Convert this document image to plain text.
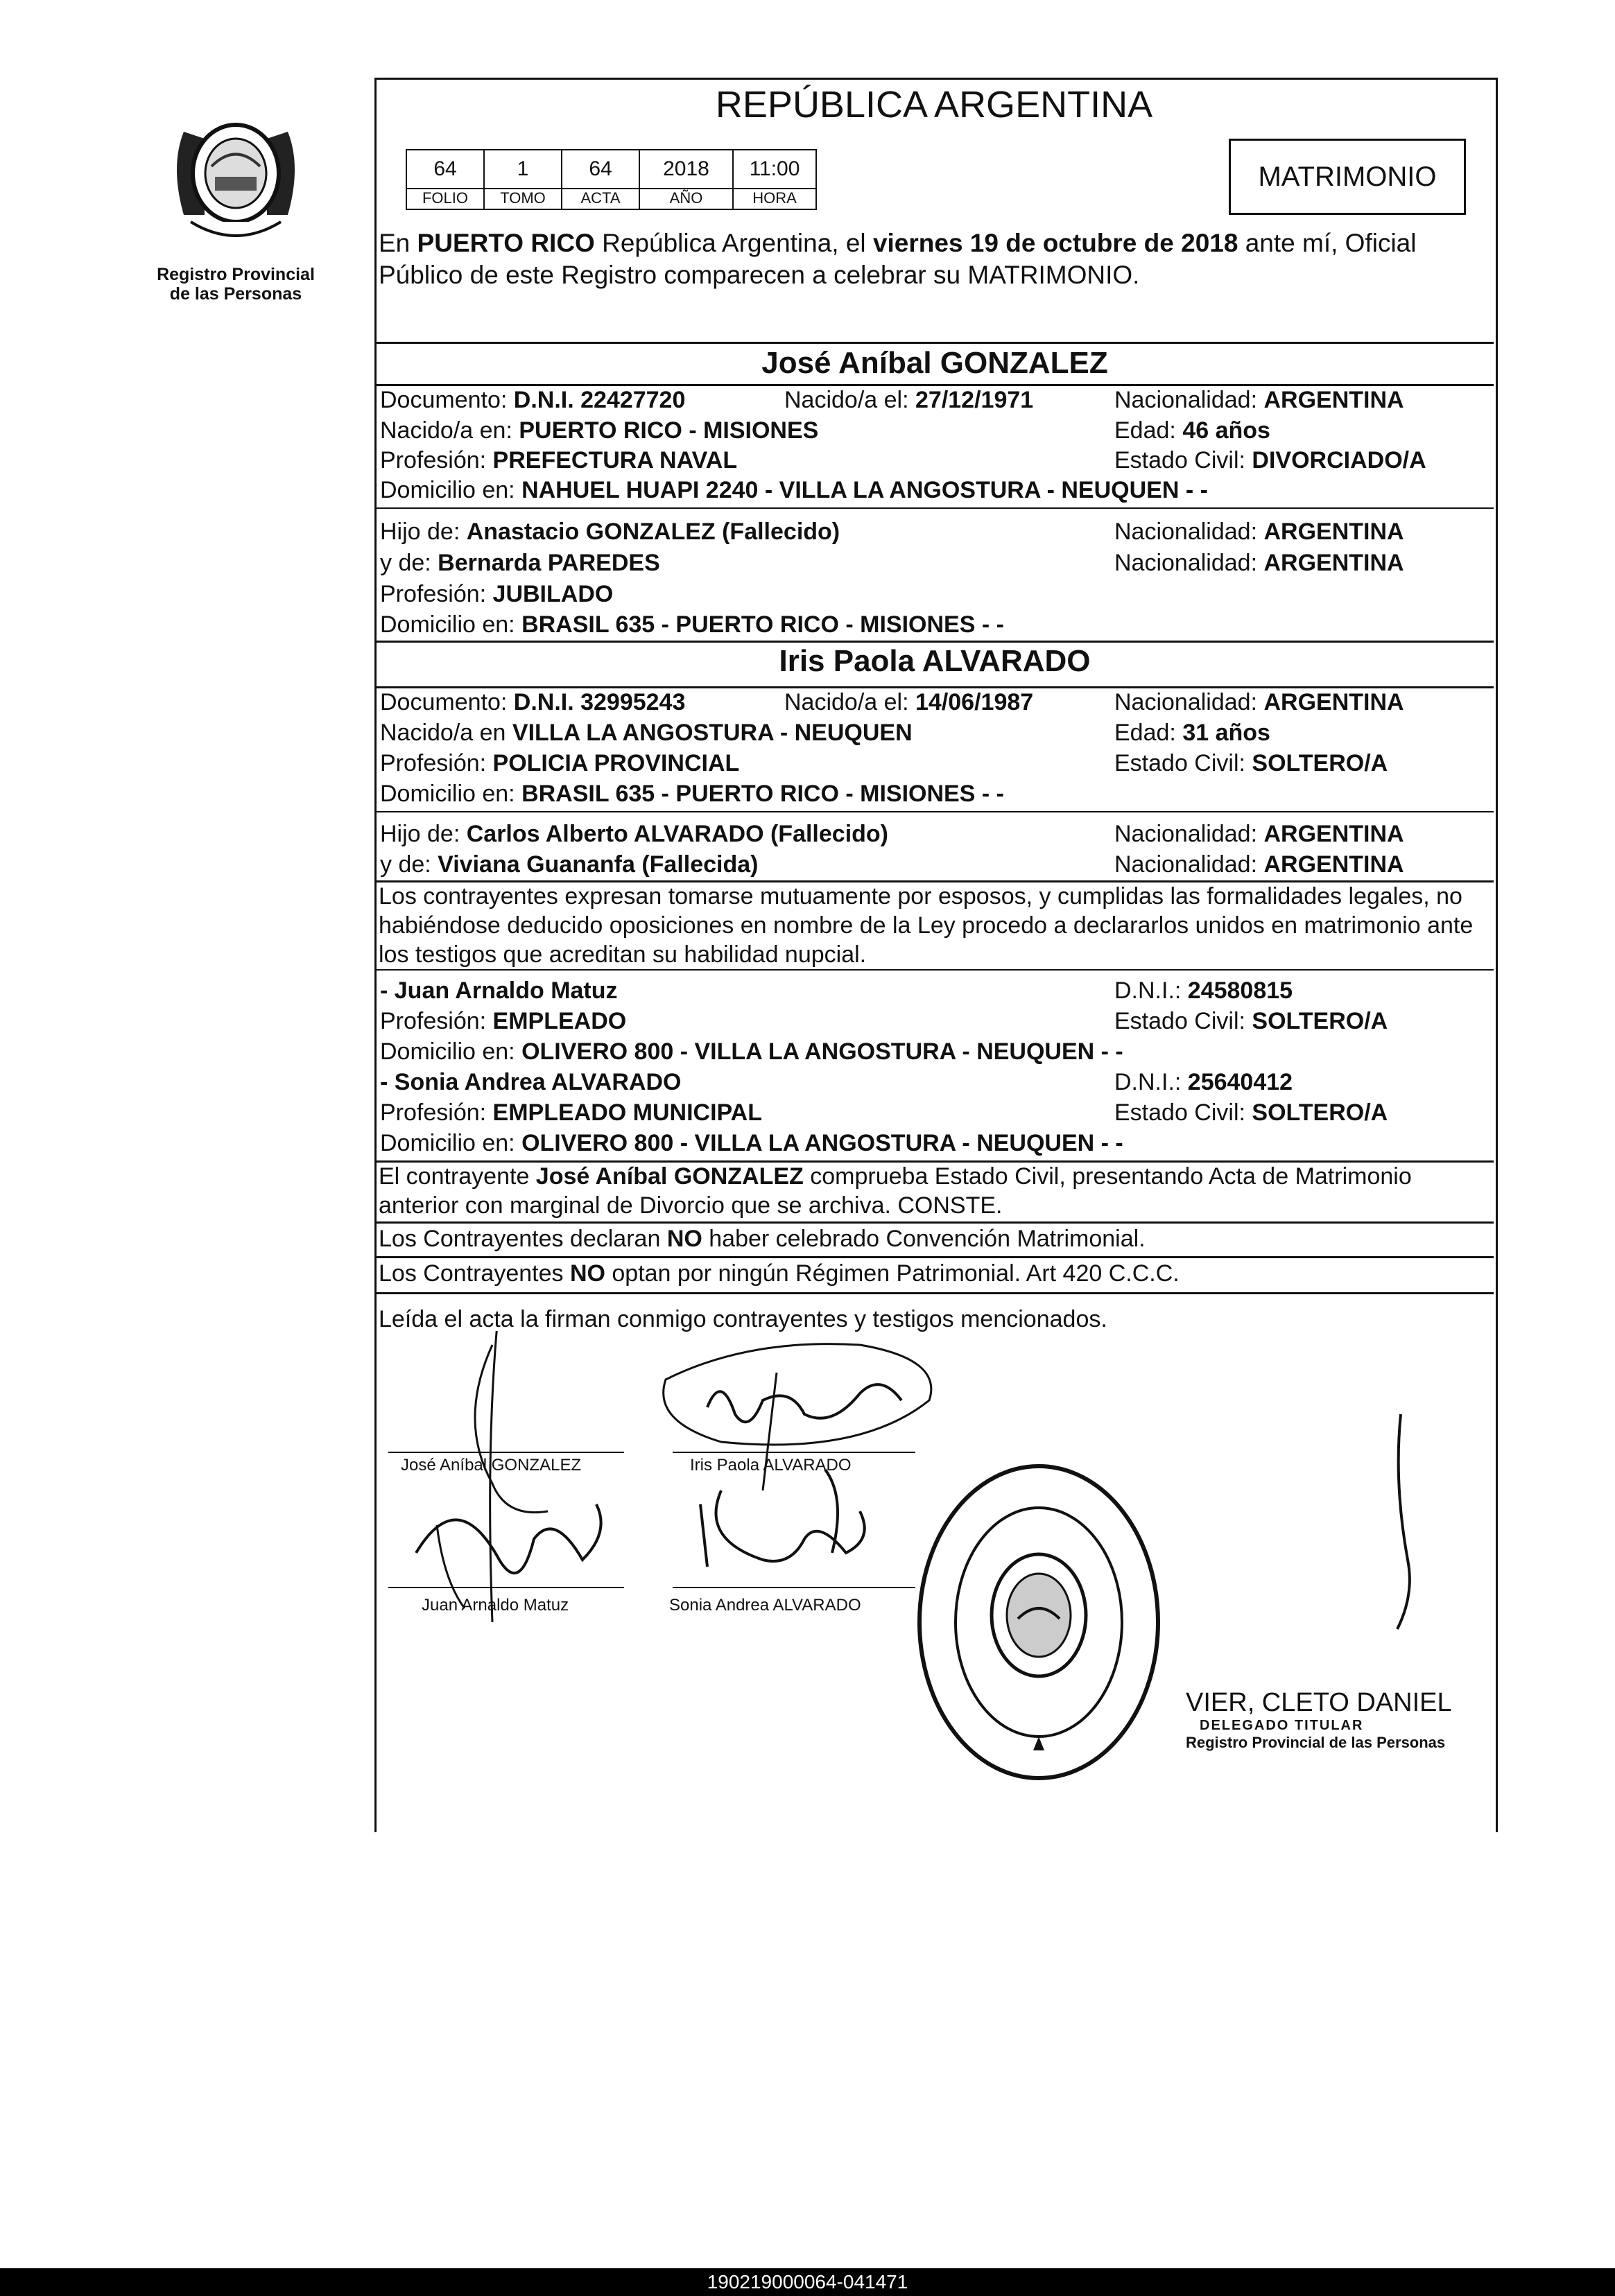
Registro Provincial
de las Personas
REPÚBLICA ARGENTINA
64	1	64	2018	11:00
FOLIO	TOMO	ACTA	AÑO	HORA
MATRIMONIO
En PUERTO RICO República Argentina, el viernes 19 de octubre de 2018 ante mí, Oficial
Público de este Registro comparecen a celebrar su MATRIMONIO.
José Aníbal GONZALEZ
Documento: D.N.I. 22427720	Nacido/a el: 27/12/1971	Nacionalidad: ARGENTINA
Nacido/a en: PUERTO RICO - MISIONES	Edad: 46 años
Profesión: PREFECTURA NAVAL	Estado Civil: DIVORCIADO/A
Domicilio en: NAHUEL HUAPI 2240 - VILLA LA ANGOSTURA - NEUQUEN - -
Hijo de: Anastacio GONZALEZ (Fallecido)	Nacionalidad: ARGENTINA
y de: Bernarda PAREDES	Nacionalidad: ARGENTINA
Profesión: JUBILADO
Domicilio en: BRASIL 635 - PUERTO RICO - MISIONES - -
Iris Paola ALVARADO
Documento: D.N.I. 32995243	Nacido/a el: 14/06/1987	Nacionalidad: ARGENTINA
Nacido/a en VILLA LA ANGOSTURA - NEUQUEN	Edad: 31 años
Profesión: POLICIA PROVINCIAL	Estado Civil: SOLTERO/A
Domicilio en: BRASIL 635 - PUERTO RICO - MISIONES - -
Hijo de: Carlos Alberto ALVARADO (Fallecido)	Nacionalidad: ARGENTINA
y de: Viviana Guananfa (Fallecida)	Nacionalidad: ARGENTINA
Los contrayentes expresan tomarse mutuamente por esposos, y cumplidas las formalidades legales, no
habiéndose deducido oposiciones en nombre de la Ley procedo a declararlos unidos en matrimonio ante
los testigos que acreditan su habilidad nupcial.
- Juan Arnaldo Matuz	D.N.I.: 24580815
Profesión: EMPLEADO	Estado Civil: SOLTERO/A
Domicilio en: OLIVERO 800 - VILLA LA ANGOSTURA - NEUQUEN - -
- Sonia Andrea ALVARADO	D.N.I.: 25640412
Profesión: EMPLEADO MUNICIPAL	Estado Civil: SOLTERO/A
Domicilio en: OLIVERO 800 - VILLA LA ANGOSTURA - NEUQUEN - -
El contrayente José Aníbal GONZALEZ comprueba Estado Civil, presentando Acta de Matrimonio
anterior con marginal de Divorcio que se archiva. CONSTE.
Los Contrayentes declaran NO haber celebrado Convención Matrimonial.
Los Contrayentes NO optan por ningún Régimen Patrimonial. Art 420 C.C.C.
Leída el acta la firman conmigo contrayentes y testigos mencionados.
José Aníbal GONZALEZ	Iris Paola ALVARADO
Juan Arnaldo Matuz	Sonia Andrea ALVARADO
VIER, CLETO DANIEL
DELEGADO TITULAR
Registro Provincial de las Personas
190219000064-041471
